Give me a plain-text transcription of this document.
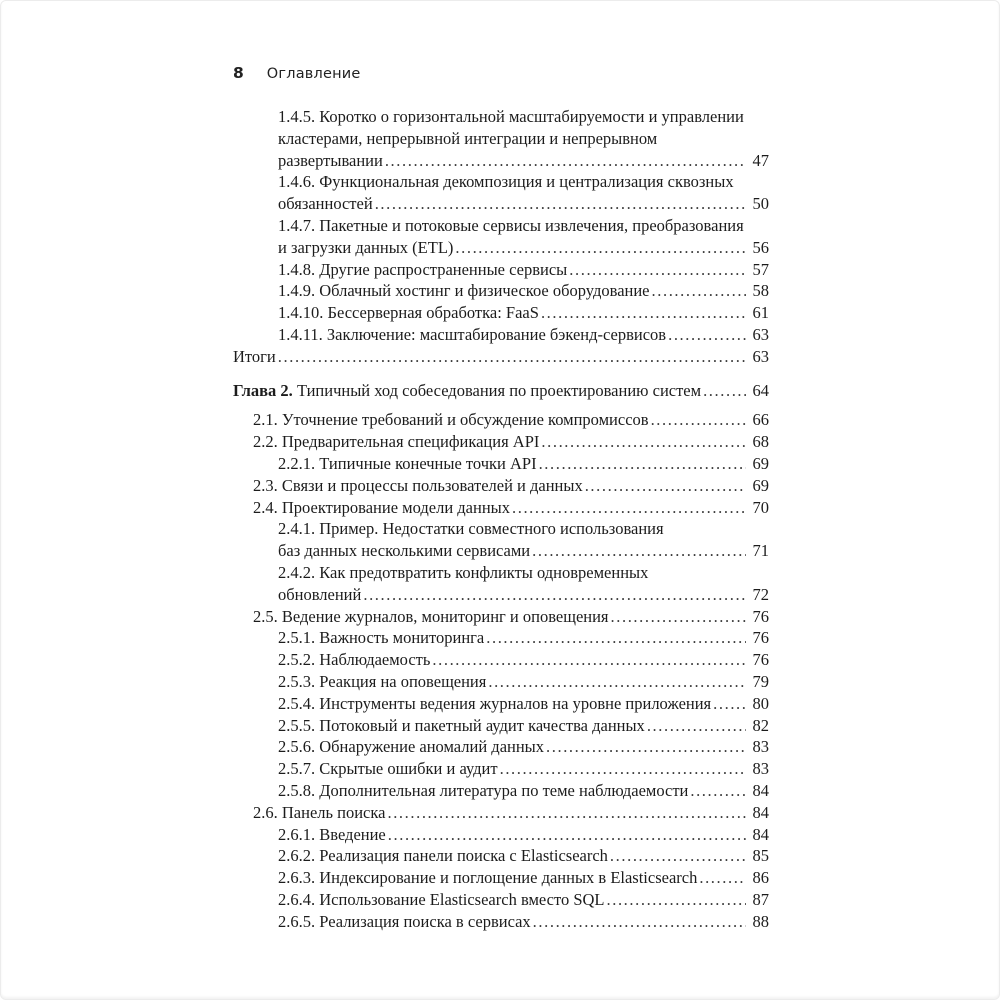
8 Оглавление
1.4.5. Коротко о горизонтальной масштабируемости и управлении
кластерами, непрерывной интеграции и непрерывном
развертывании .....	47
1.4.6. Функциональная декомпозиция и централизация сквозных
обязанностей .....	50
1.4.7. Пакетные и потоковые сервисы извлечения, преобразования
и загрузки данных (ETL) .....	56
1.4.8. Другие распространенные сервисы .....	57
1.4.9. Облачный хостинг и физическое оборудование .....	58
1.4.10. Бессерверная обработка: FaaS .....	61
1.4.11. Заключение: масштабирование бэкенд-сервисов .....	63
Итоги .....	63
Глава 2. Типичный ход собеседования по проектированию систем .....	64
2.1. Уточнение требований и обсуждение компромиссов .....	66
2.2. Предварительная спецификация API .....	68
2.2.1. Типичные конечные точки API .....	69
2.3. Связи и процессы пользователей и данных .....	69
2.4. Проектирование модели данных .....	70
2.4.1. Пример. Недостатки совместного использования
баз данных несколькими сервисами .....	71
2.4.2. Как предотвратить конфликты одновременных
обновлений .....	72
2.5. Ведение журналов, мониторинг и оповещения .....	76
2.5.1. Важность мониторинга .....	76
2.5.2. Наблюдаемость .....	76
2.5.3. Реакция на оповещения .....	79
2.5.4. Инструменты ведения журналов на уровне приложения .....	80
2.5.5. Потоковый и пакетный аудит качества данных .....	82
2.5.6. Обнаружение аномалий данных .....	83
2.5.7. Скрытые ошибки и аудит .....	83
2.5.8. Дополнительная литература по теме наблюдаемости .....	84
2.6. Панель поиска .....	84
2.6.1. Введение .....	84
2.6.2. Реализация панели поиска с Elasticsearch .....	85
2.6.3. Индексирование и поглощение данных в Elasticsearch .....	86
2.6.4. Использование Elasticsearch вместо SQL .....	87
2.6.5. Реализация поиска в сервисах .....	88
